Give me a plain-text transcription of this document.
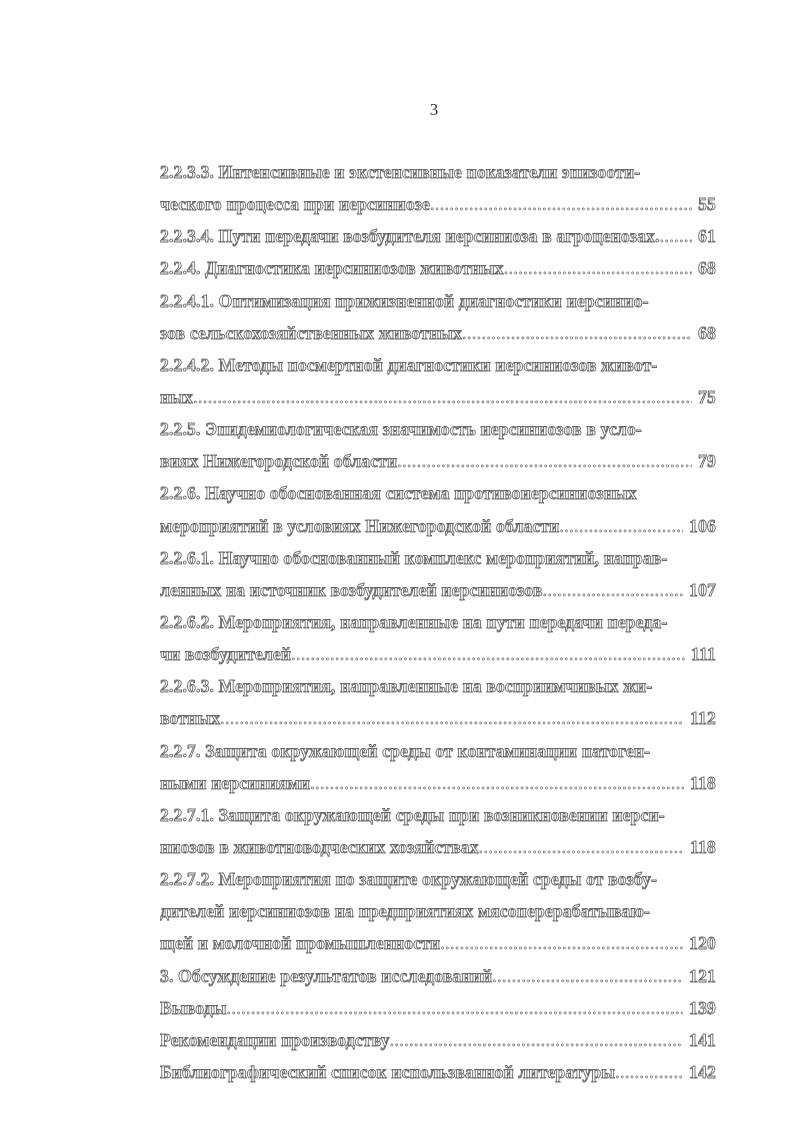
3
2.2.3.3. Интенсивные и экстенсивные показатели эпизооти-
ческого процесса при иерсиниозе .....	55
2.2.3.4. Пути передачи возбудителя иерсиниоза в агроценозах. .....	61
2.2.4. Диагностика иерсиниозов животных .....	68
2.2.4.1. Оптимизация прижизненной диагностики иерсинио-
зов сельскохозяйственных животных .....	68
2.2.4.2. Методы посмертной диагностики иерсиниозов живот-
ных .....	75
2.2.5. Эпидемиологическая значимость иерсиниозов в усло-
виях Нижегородской области .....	79
2.2.6. Научно обоснованная система противоиерсиниозных
мероприятий в условиях Нижегородской области .....	106
2.2.6.1. Научно обоснованный комплекс мероприятий, направ-
ленных на источник возбудителей иерсиниозов .....	107
2.2.6.2. Мероприятия, направленные на пути передачи переда-
чи возбудителей .....	111
2.2.6.3. Мероприятия, направленные на восприимчивых жи-
вотных .....	112
2.2.7. Защита окружающей среды от контаминации патоген-
ными иерсиниями .....	118
2.2.7.1. Защита окружающей среды при возникновении иерси-
ниозов в животноводческих хозяйствах .....	118
2.2.7.2. Мероприятия по защите окружающей среды от возбу-
дителей иерсиниозов на предприятиях мясоперерабатываю-
щей и молочной промышленности .....	120
3. Обсуждение результатов исследований .....	121
Выводы .....	139
Рекомендации производству .....	141
Библиографический список использванной литературы .....	142
